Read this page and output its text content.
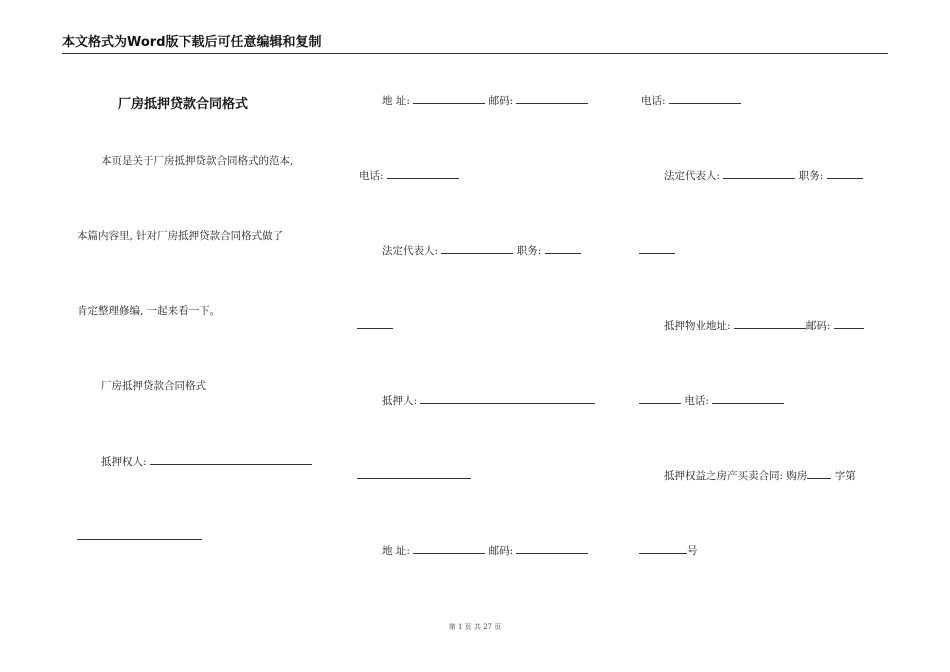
本文格式为Word版下载后可任意编辑和复制
厂房抵押贷款合同格式
本页是关于厂房抵押贷款合同格式的范本,
本篇内容里, 针对厂房抵押贷款合同格式做了
肯定整理修编, 一起来看一下。
厂房抵押贷款合同格式
抵押权人:
地 址:	邮码:
电话:
法定代表人:	职务:
抵押人:
地 址:	邮码:
电话:
法定代表人:	职务:
抵押物业地址:	邮码:
电话:
抵押权益之房产买卖合同: 购房	字第
号
第 1 页 共 27 页
